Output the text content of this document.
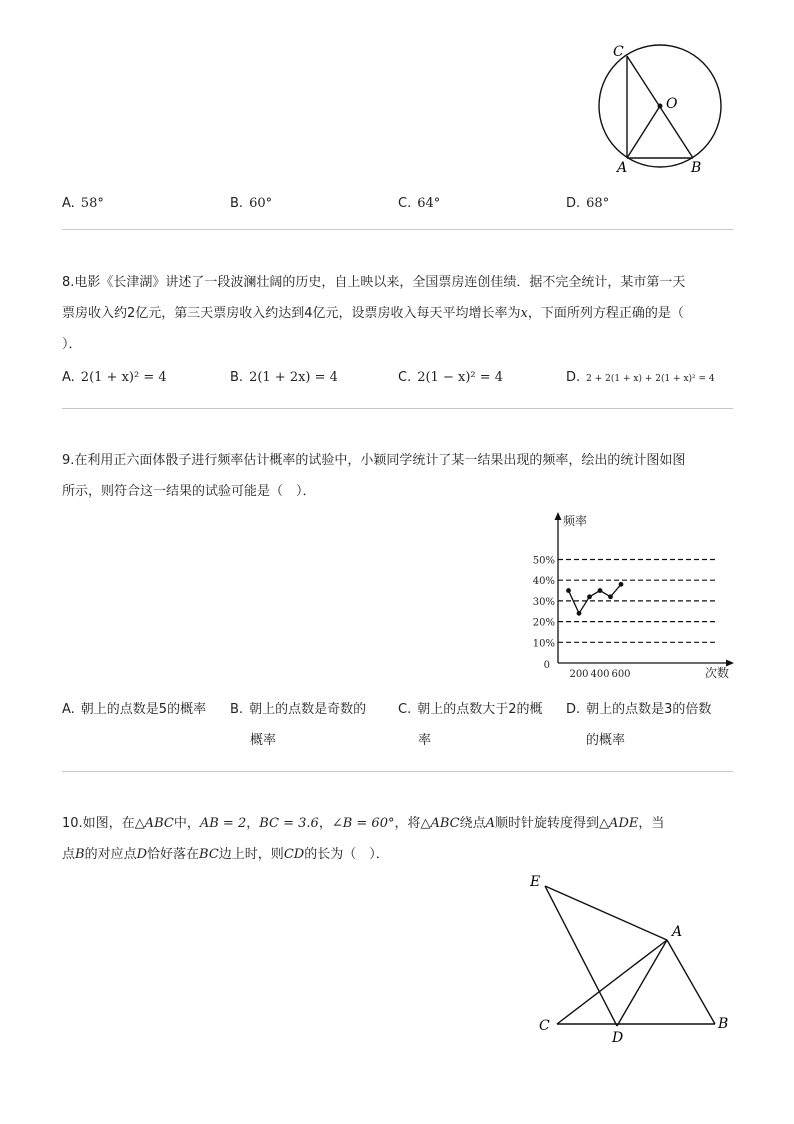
C
O
A	B
A. 58°	B. 60°	C. 64°	D. 68°
8.电影《长津湖》讲述了一段波澜壮阔的历史，自上映以来，全国票房连创佳绩．据不完全统计，某市第一天
票房收入约2亿元，第三天票房收入约达到4亿元，设票房收入每天平均增长率为x，下面所列方程正确的是（
）．
A. 2(1 + x)² = 4	B. 2(1 + 2x) = 4	C. 2(1 − x)² = 4	D. 2 + 2(1 + x) + 2(1 + x)² = 4
9.在利用正六面体骰子进行频率估计概率的试验中，小颖同学统计了某一结果出现的频率，绘出的统计图如图
所示，则符合这一结果的试验可能是（　）．
10%
20%
30%
40%
50%
200 400 600
0
频率
次数
A. 朝上的点数是5的概率 B. 朝上的点数是奇数的
概率
C. 朝上的点数大于2的概
率
D. 朝上的点数是3的倍数
的概率
10.如图，在△ABC中，AB = 2，BC = 3.6，∠B = 60°，将△ABC绕点A顺时针旋转度得到△ADE，当
点B的对应点D恰好落在BC边上时，则CD的长为（　）．
E
A
C
D
B
